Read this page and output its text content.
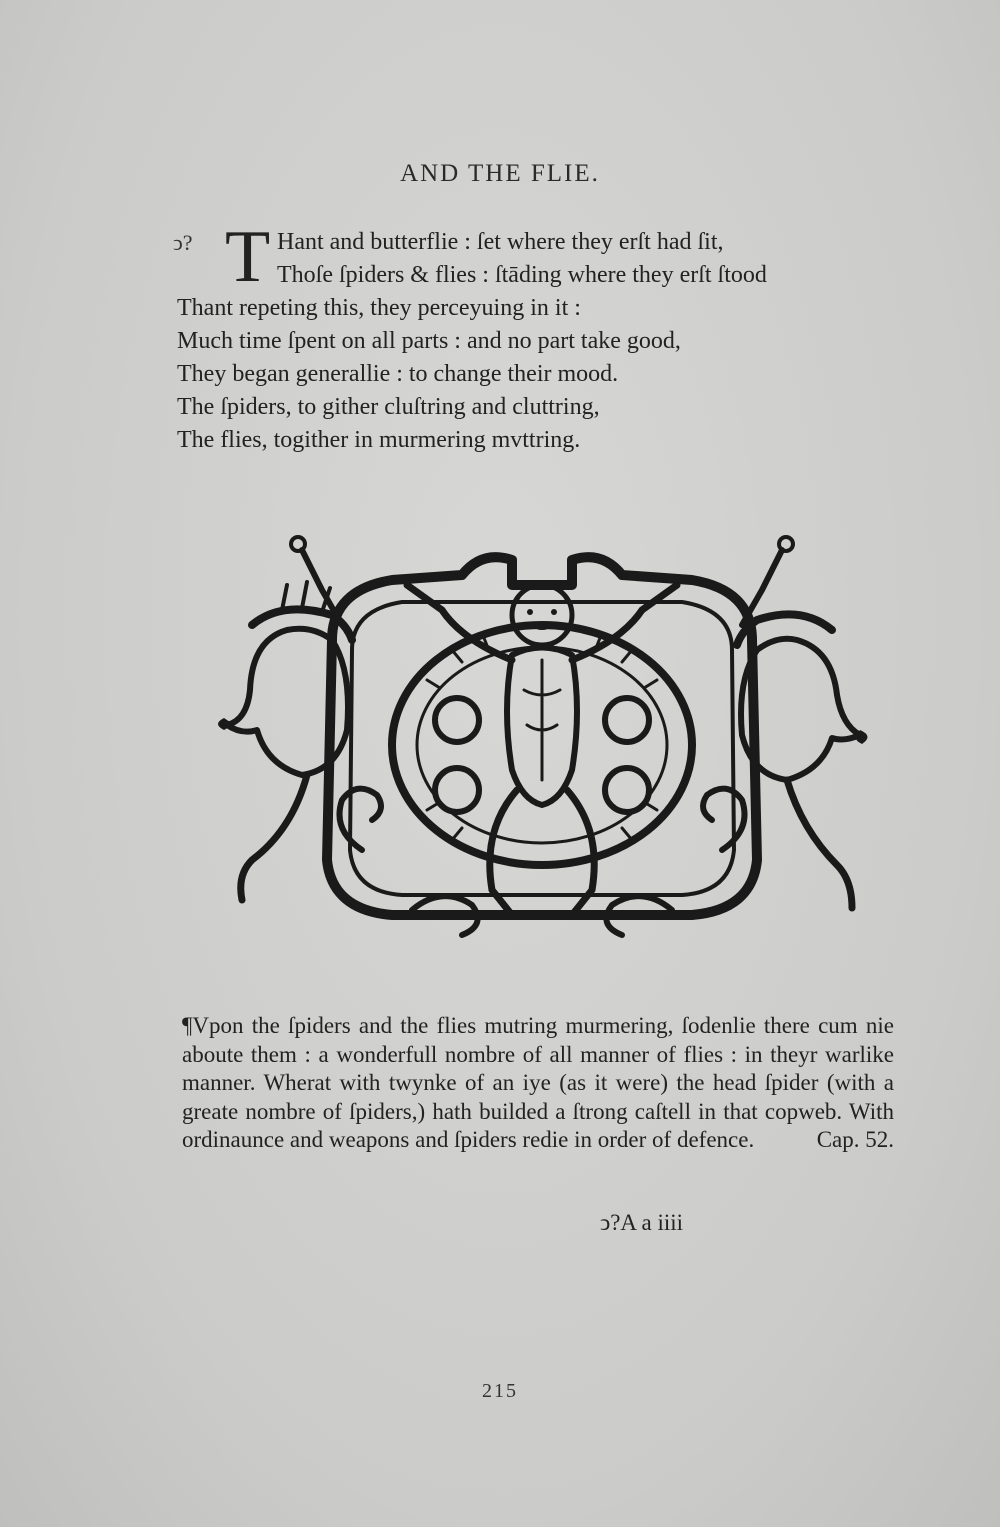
AND THE FLIE.
ↄ? T Hant and butterflie : ſet where they erſt had ſit,
Thoſe ſpiders & flies : ſtāding where they erſt ſtood
Thant repeting this, they perceyuing in it :
Much time ſpent on all parts : and no part take good,
They began generallie : to change their mood.
The ſpiders, to gither cluſtring and cluttring,
The flies, togither in murmering mvttring.
¶Vpon the ſpiders and the flies mutring murmering, ſodenlie there cum nie aboute them : a wonderfull nombre of all manner of flies : in theyr warlike manner. Wherat with twynke of an iye (as it were) the head ſpider (with a greate nombre of ſpiders,) hath builded a ſtrong caſtell in that copweb. With ordinaunce and weapons and ſpiders redie in order of defence.	Cap. 52.
ↄ?A a iiii
215
